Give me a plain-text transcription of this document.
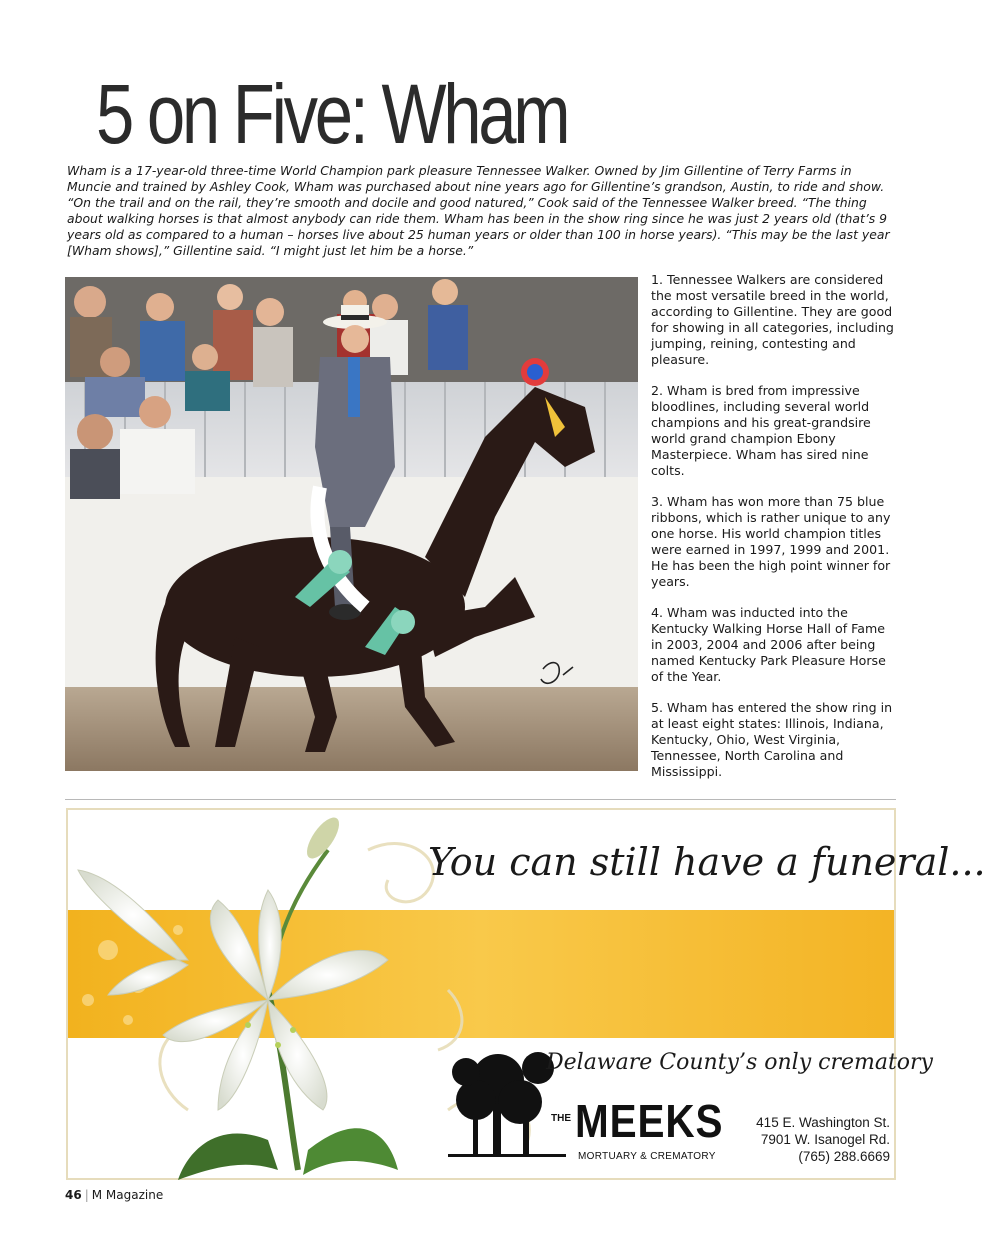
5 on Five: Wham
Wham is a 17-year-old three-time World Champion park pleasure Tennessee Walker. Owned by Jim Gillentine of Terry Farms in Muncie and trained by Ashley Cook, Wham was purchased about nine years ago for Gillentine’s grandson, Austin, to ride and show. “On the trail and on the rail, they’re smooth and docile and good natured,” Cook said of the Tennessee Walker breed. “The thing about walking horses is that almost anybody can ride them. Wham has been in the show ring since he was just 2 years old (that’s 9 years old as compared to a human – horses live about 25 human years or older than 100 in horse years). “This may be the last year [Wham shows],” Gillentine said. “I might just let him be a horse.”

1. Tennessee Walkers are considered the most versatile breed in the world, according to Gillentine. They are good for showing in all categories, including jumping, reining, contesting and pleasure.

2. Wham is bred from impressive bloodlines, including several world champions and his great-grandsire world grand champion Ebony Masterpiece. Wham has sired nine colts.

3. Wham has won more than 75 blue ribbons, which is rather unique to any one horse. His world champion titles were earned in 1997, 1999 and 2001. He has been the high point winner for years.

4. Wham was inducted into the Kentucky Walking Horse Hall of Fame in 2003, 2004 and 2006 after being named Kentucky Park Pleasure Horse of the Year.

5. Wham has entered the show ring in at least eight states: Illinois, Indiana, Kentucky, Ohio, West Virginia, Tennessee, North Carolina and Mississippi.

You can still have a funeral...
Delaware County’s only crematory
THE MEEKS
MORTUARY & CREMATORY
415 E. Washington St.
7901 W. Isanogel Rd.
(765) 288.6669
46 | M Magazine
